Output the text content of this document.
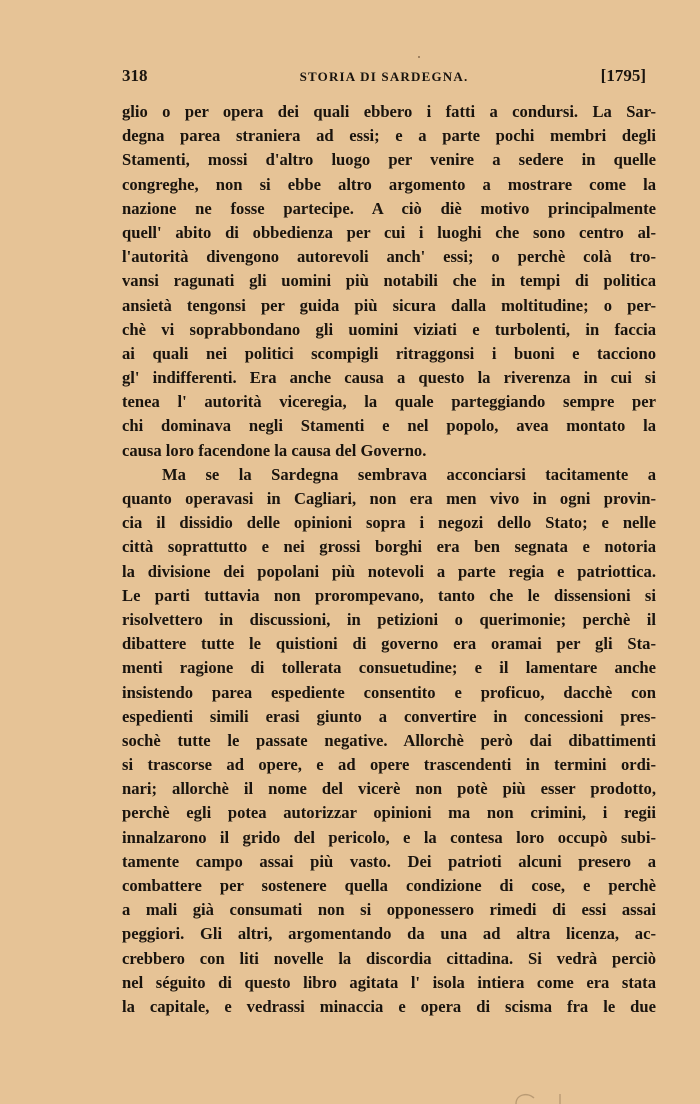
318	STORIA DI SARDEGNA.	[1795]
glio o per opera dei quali ebbero i fatti a condursi. La Sar-
degna parea straniera ad essi; e a parte pochi membri degli
Stamenti, mossi d'altro luogo per venire a sedere in quelle
congreghe, non si ebbe altro argomento a mostrare come la
nazione ne fosse partecipe. A ciò diè motivo principalmente
quell' abito di obbedienza per cui i luoghi che sono centro al-
l'autorità divengono autorevoli anch' essi; o perchè colà tro-
vansi ragunati gli uomini più notabili che in tempi di politica
ansietà tengonsi per guida più sicura dalla moltitudine; o per-
chè vi soprabbondano gli uomini viziati e turbolenti, in faccia
ai quali nei politici scompigli ritraggonsi i buoni e tacciono
gl' indifferenti. Era anche causa a questo la riverenza in cui si
tenea l' autorità viceregia, la quale parteggiando sempre per
chi dominava negli Stamenti e nel popolo, avea montato la
causa loro facendone la causa del Governo.
Ma se la Sardegna sembrava acconciarsi tacitamente a
quanto operavasi in Cagliari, non era men vivo in ogni provin-
cia il dissidio delle opinioni sopra i negozi dello Stato; e nelle
città soprattutto e nei grossi borghi era ben segnata e notoria
la divisione dei popolani più notevoli a parte regia e patriottica.
Le parti tuttavia non prorompevano, tanto che le dissensioni si
risolvettero in discussioni, in petizioni o querimonie; perchè il
dibattere tutte le quistioni di governo era oramai per gli Sta-
menti ragione di tollerata consuetudine; e il lamentare anche
insistendo parea espediente consentito e proficuo, dacchè con
espedienti simili erasi giunto a convertire in concessioni pres-
sochè tutte le passate negative. Allorchè però dai dibattimenti
si trascorse ad opere, e ad opere trascendenti in termini ordi-
nari; allorchè il nome del vicerè non potè più esser prodotto,
perchè egli potea autorizzar opinioni ma non crimini, i regii
innalzarono il grido del pericolo, e la contesa loro occupò subi-
tamente campo assai più vasto. Dei patrioti alcuni presero a
combattere per sostenere quella condizione di cose, e perchè
a mali già consumati non si opponessero rimedi di essi assai
peggiori. Gli altri, argomentando da una ad altra licenza, ac-
crebbero con liti novelle la discordia cittadina. Si vedrà perciò
nel séguito di questo libro agitata l' isola intiera come era stata
la capitale, e vedrassi minaccia e opera di scisma fra le due
